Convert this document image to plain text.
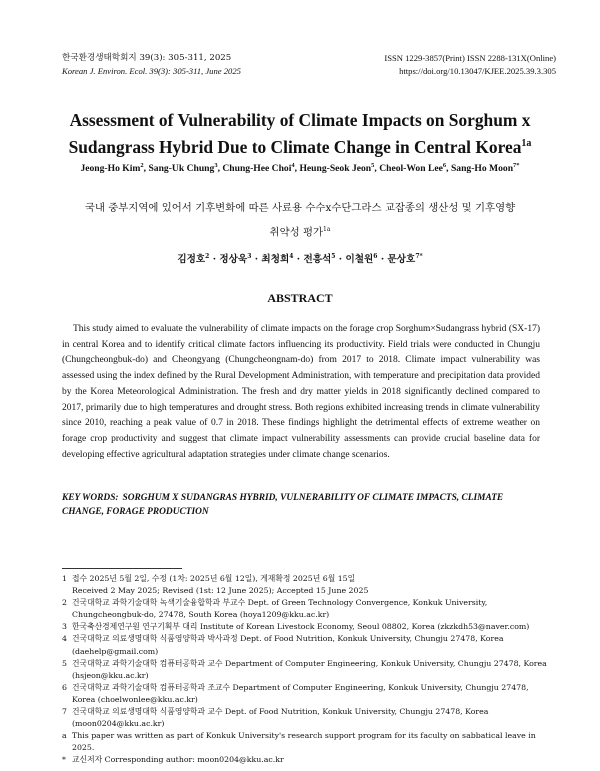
한국환경생태학회지 39(3): 305-311, 2025
Korean J. Environ. Ecol. 39(3): 305-311, June 2025
ISSN 1229-3857(Print) ISSN 2288-131X(Online)
https://doi.org/10.13047/KJEE.2025.39.3.305
Assessment of Vulnerability of Climate Impacts on Sorghum x
Sudangrass Hybrid Due to Climate Change in Central Korea$^{1a}$
Jeong-Ho Kim$^2$, Sang-Uk Chung$^3$, Chung-Hee Choi$^4$, Heung-Seok Jeon$^5$, Cheol-Won Lee$^6$, Sang-Ho Moon$^{7*}$
국내 중부지역에 있어서 기후변화에 따른 사료용 수수x수단그라스 교잡종의 생산성 및 기후영향
취약성 평가$^{1a}$
김정호$^2$ · 정상욱$^3$ · 최청희$^4$ · 전흥석$^5$ · 이철원$^6$ · 문상호$^{7*}$
ABSTRACT

This study aimed to evaluate the vulnerability of climate impacts on the forage crop Sorghum×Sudangrass hybrid (SX-17) in central Korea and to identify critical climate factors influencing its productivity. Field trials were conducted in Chungju (Chungcheongbuk-do) and Cheongyang (Chungcheongnam-do) from 2017 to 2018. Climate impact vulnerability was assessed using the index defined by the Rural Development Administration, with temperature and precipitation data provided by the Korea Meteorological Administration. The fresh and dry matter yields in 2018 significantly declined compared to 2017, primarily due to high temperatures and drought stress. Both regions exhibited increasing trends in climate vulnerability since 2010, reaching a peak value of 0.7 in 2018. These findings highlight the detrimental effects of extreme weather on forage crop productivity and suggest that climate impact vulnerability assessments can provide crucial baseline data for developing effective agricultural adaptation strategies under climate change scenarios.

KEY WORDS: SORGHUM X SUDANGRAS HYBRID, VULNERABILITY OF CLIMATE IMPACTS, CLIMATE CHANGE, FORAGE PRODUCTION
1 접수 2025년 5월 2일, 수정 (1차: 2025년 6월 12일), 게재확정 2025년 6월 15일
Received 2 May 2025; Revised (1st: 12 June 2025); Accepted 15 June 2025
2 건국대학교 과학기술대학 녹색기술융합학과 부교수 Dept. of Green Technology Convergence, Konkuk University, Chungcheongbuk-do, 27478, South Korea (hoya1209@kku.ac.kr)
3 한국축산경제연구원 연구기획부 대리 Institute of Korean Livestock Economy, Seoul 08802, Korea (zkzkdh53@naver.com)
4 건국대학교 의료생명대학 식품영양학과 박사과정 Dept. of Food Nutrition, Konkuk University, Chungju 27478, Korea (daehelp@gmail.com)
5 건국대학교 과학기술대학 컴퓨터공학과 교수 Department of Computer Engineering, Konkuk University, Chungju 27478, Korea (hsjeon@kku.ac.kr)
6 건국대학교 과학기술대학 컴퓨터공학과 조교수 Department of Computer Engineering, Konkuk University, Chungju 27478, Korea (choelwonlee@kku.ac.kr)
7 건국대학교 의료생명대학 식품영양학과 교수 Dept. of Food Nutrition, Konkuk University, Chungju 27478, Korea (moon0204@kku.ac.kr)
a This paper was written as part of Konkuk University's research support program for its faculty on sabbatical leave in 2025.
* 교신저자 Corresponding author: moon0204@kku.ac.kr
